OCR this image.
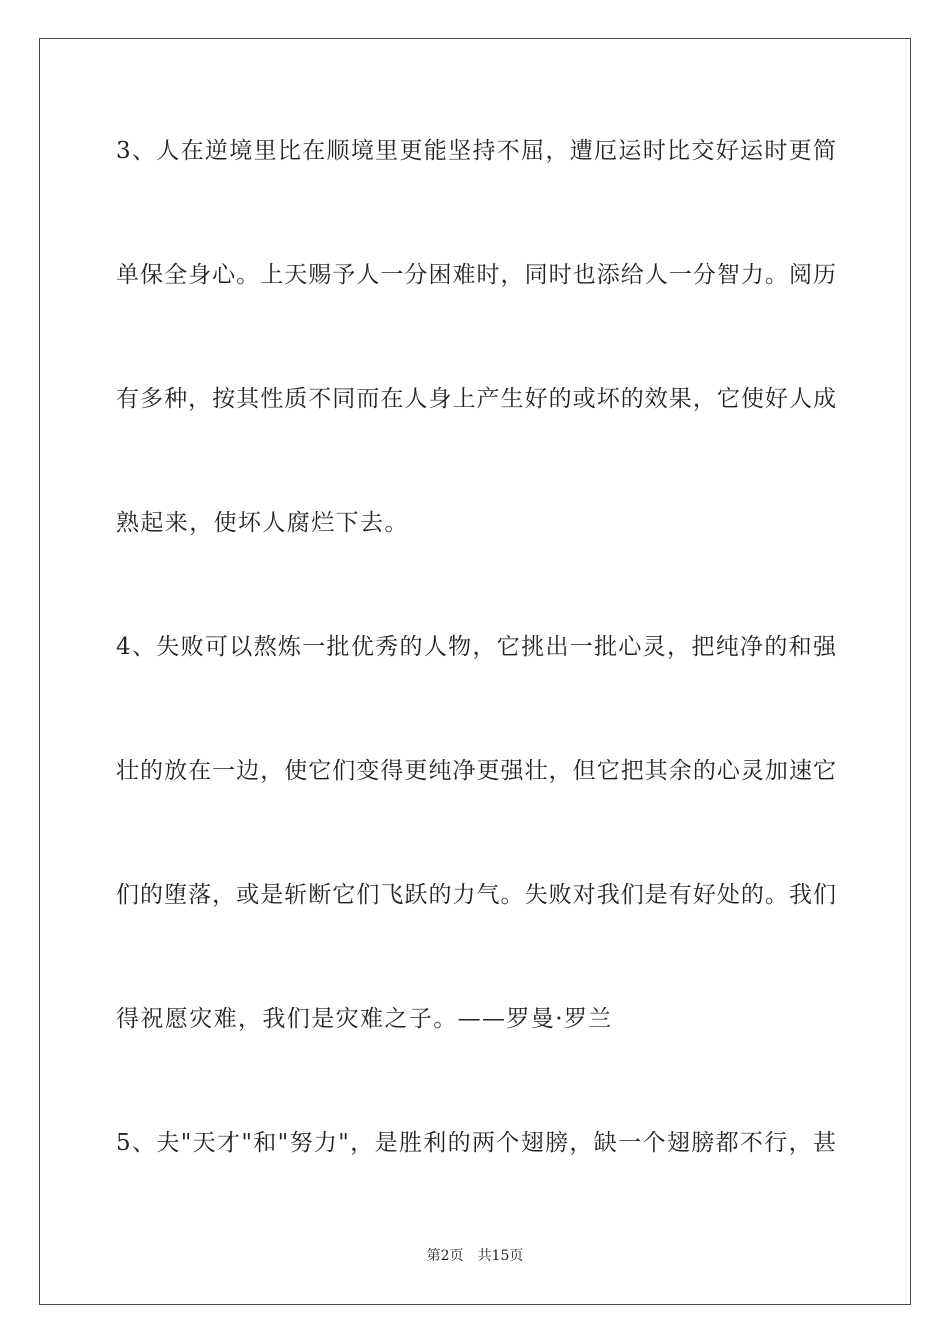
3、人在逆境里比在顺境里更能坚持不屈，遭厄运时比交好运时更简
单保全身心。上天赐予人一分困难时，同时也添给人一分智力。阅历
有多种，按其性质不同而在人身上产生好的或坏的效果，它使好人成
熟起来，使坏人腐烂下去。
4、失败可以熬炼一批优秀的人物，它挑出一批心灵，把纯净的和强
壮的放在一边，使它们变得更纯净更强壮，但它把其余的心灵加速它
们的堕落，或是斩断它们飞跃的力气。失败对我们是有好处的。我们
得祝愿灾难，我们是灾难之子。——罗曼·罗兰
5、夫"天才"和"努力"，是胜利的两个翅膀，缺一个翅膀都不行，甚
第2页　共15页
